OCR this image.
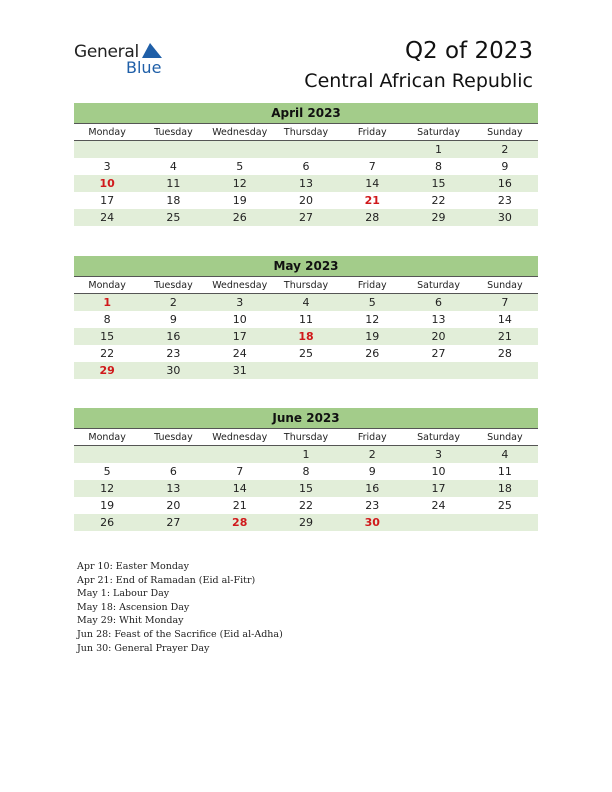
General
Blue
Q2 of 2023
Central African Republic
April 2023
Monday	Tuesday	Wednesday	Thursday	Friday	Saturday	Sunday
					1	2
3	4	5	6	7	8	9
10	11	12	13	14	15	16
17	18	19	20	21	22	23
24	25	26	27	28	29	30
May 2023
Monday	Tuesday	Wednesday	Thursday	Friday	Saturday	Sunday
1	2	3	4	5	6	7
8	9	10	11	12	13	14
15	16	17	18	19	20	21
22	23	24	25	26	27	28
29	30	31				
June 2023
Monday	Tuesday	Wednesday	Thursday	Friday	Saturday	Sunday
			1	2	3	4
5	6	7	8	9	10	11
12	13	14	15	16	17	18
19	20	21	22	23	24	25
26	27	28	29	30		
Apr 10: Easter Monday
Apr 21: End of Ramadan (Eid al-Fitr)
May 1: Labour Day
May 18: Ascension Day
May 29: Whit Monday
Jun 28: Feast of the Sacrifice (Eid al-Adha)
Jun 30: General Prayer Day
